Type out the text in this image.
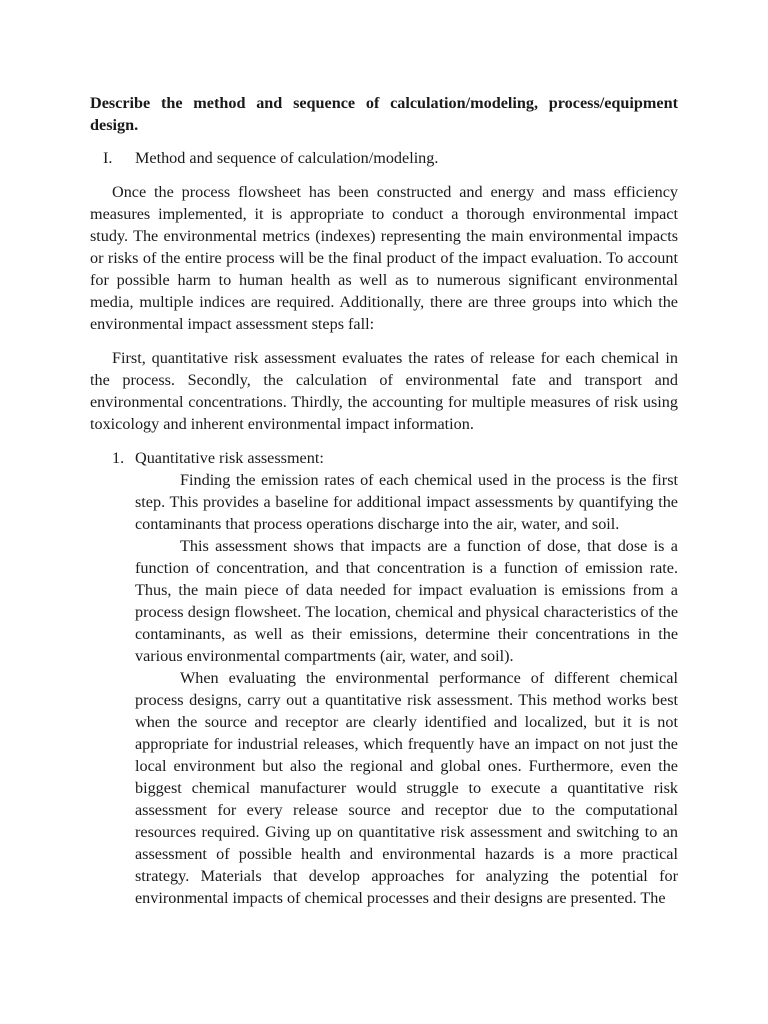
Describe the method and sequence of calculation/modeling, process/equipment design.
I.	Method and sequence of calculation/modeling.

Once the process flowsheet has been constructed and energy and mass efficiency measures implemented, it is appropriate to conduct a thorough environmental impact study. The environmental metrics (indexes) representing the main environmental impacts or risks of the entire process will be the final product of the impact evaluation. To account for possible harm to human health as well as to numerous significant environmental media, multiple indices are required. Additionally, there are three groups into which the environmental impact assessment steps fall:

First, quantitative risk assessment evaluates the rates of release for each chemical in the process. Secondly, the calculation of environmental fate and transport and environmental concentrations. Thirdly, the accounting for multiple measures of risk using toxicology and inherent environmental impact information.

1. Quantitative risk assessment:

Finding the emission rates of each chemical used in the process is the first step. This provides a baseline for additional impact assessments by quantifying the contaminants that process operations discharge into the air, water, and soil.

This assessment shows that impacts are a function of dose, that dose is a function of concentration, and that concentration is a function of emission rate. Thus, the main piece of data needed for impact evaluation is emissions from a process design flowsheet. The location, chemical and physical characteristics of the contaminants, as well as their emissions, determine their concentrations in the various environmental compartments (air, water, and soil).

When evaluating the environmental performance of different chemical process designs, carry out a quantitative risk assessment. This method works best when the source and receptor are clearly identified and localized, but it is not appropriate for industrial releases, which frequently have an impact on not just the local environment but also the regional and global ones. Furthermore, even the biggest chemical manufacturer would struggle to execute a quantitative risk assessment for every release source and receptor due to the computational resources required. Giving up on quantitative risk assessment and switching to an assessment of possible health and environmental hazards is a more practical strategy. Materials that develop approaches for analyzing the potential for environmental impacts of chemical processes and their designs are presented. The
